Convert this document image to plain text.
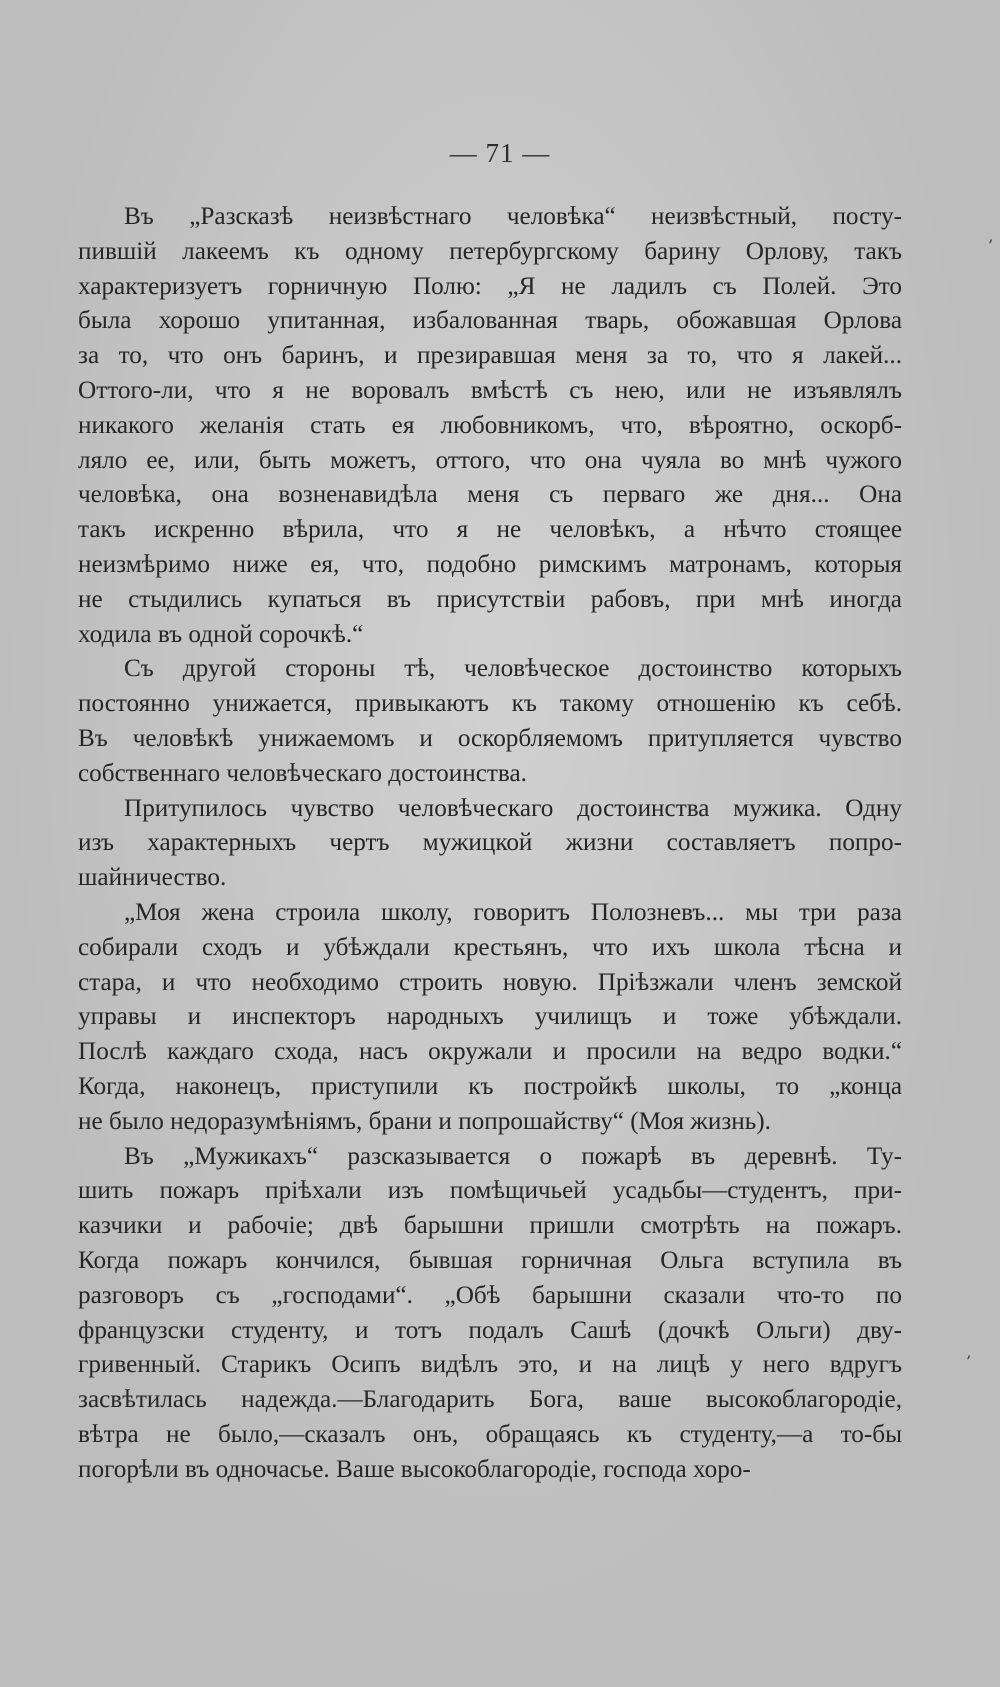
— 71 —
Въ „Разсказѣ неизвѣстнаго человѣка“ неизвѣстный, посту-
пившій лакеемъ къ одному петербургскому барину Орлову, такъ
характеризуетъ горничную Полю: „Я не ладилъ съ Полей. Это
была хорошо упитанная, избалованная тварь, обожавшая Орлова
за то, что онъ баринъ, и презиравшая меня за то, что я лакей...
Оттого-ли, что я не воровалъ вмѣстѣ съ нею, или не изъявлялъ
никакого желанія стать ея любовникомъ, что, вѣроятно, оскорб-
ляло ее, или, быть можетъ, оттого, что она чуяла во мнѣ чужого
человѣка, она возненавидѣла меня съ перваго же дня... Она
такъ искренно вѣрила, что я не человѣкъ, а нѣчто стоящее
неизмѣримо ниже ея, что, подобно римскимъ матронамъ, которыя
не стыдились купаться въ присутствіи рабовъ, при мнѣ иногда
ходила въ одной сорочкѣ.“
Съ другой стороны тѣ, человѣческое достоинство которыхъ
постоянно унижается, привыкаютъ къ такому отношенію къ себѣ.
Въ человѣкѣ унижаемомъ и оскорбляемомъ притупляется чувство
собственнаго человѣческаго достоинства.
Притупилось чувство человѣческаго достоинства мужика. Одну
изъ характерныхъ чертъ мужицкой жизни составляетъ попро-
шайничество.
„Моя жена строила школу, говоритъ Полозневъ... мы три раза
собирали сходъ и убѣждали крестьянъ, что ихъ школа тѣсна и
стара, и что необходимо строить новую. Пріѣзжали членъ земской
управы и инспекторъ народныхъ училищъ и тоже убѣждали.
Послѣ каждаго схода, насъ окружали и просили на ведро водки.“
Когда, наконецъ, приступили къ постройкѣ школы, то „конца
не было недоразумѣніямъ, брани и попрошайству“ (Моя жизнь).
Въ „Мужикахъ“ разсказывается о пожарѣ въ деревнѣ. Ту-
шить пожаръ пріѣхали изъ помѣщичьей усадьбы—студентъ, при-
казчики и рабочіе; двѣ барышни пришли смотрѣть на пожаръ.
Когда пожаръ кончился, бывшая горничная Ольга вступила въ
разговоръ съ „господами“. „Обѣ барышни сказали что-то по
французски студенту, и тотъ подалъ Сашѣ (дочкѣ Ольги) дву-
гривенный. Старикъ Осипъ видѣлъ это, и на лицѣ у него вдругъ
засвѣтилась надежда.—Благодарить Бога, ваше высокоблагородіе,
вѣтра не было,—сказалъ онъ, обращаясь къ студенту,—а то-бы
погорѣли въ одночасье. Ваше высокоблагородіе, господа хоро-
’
’
